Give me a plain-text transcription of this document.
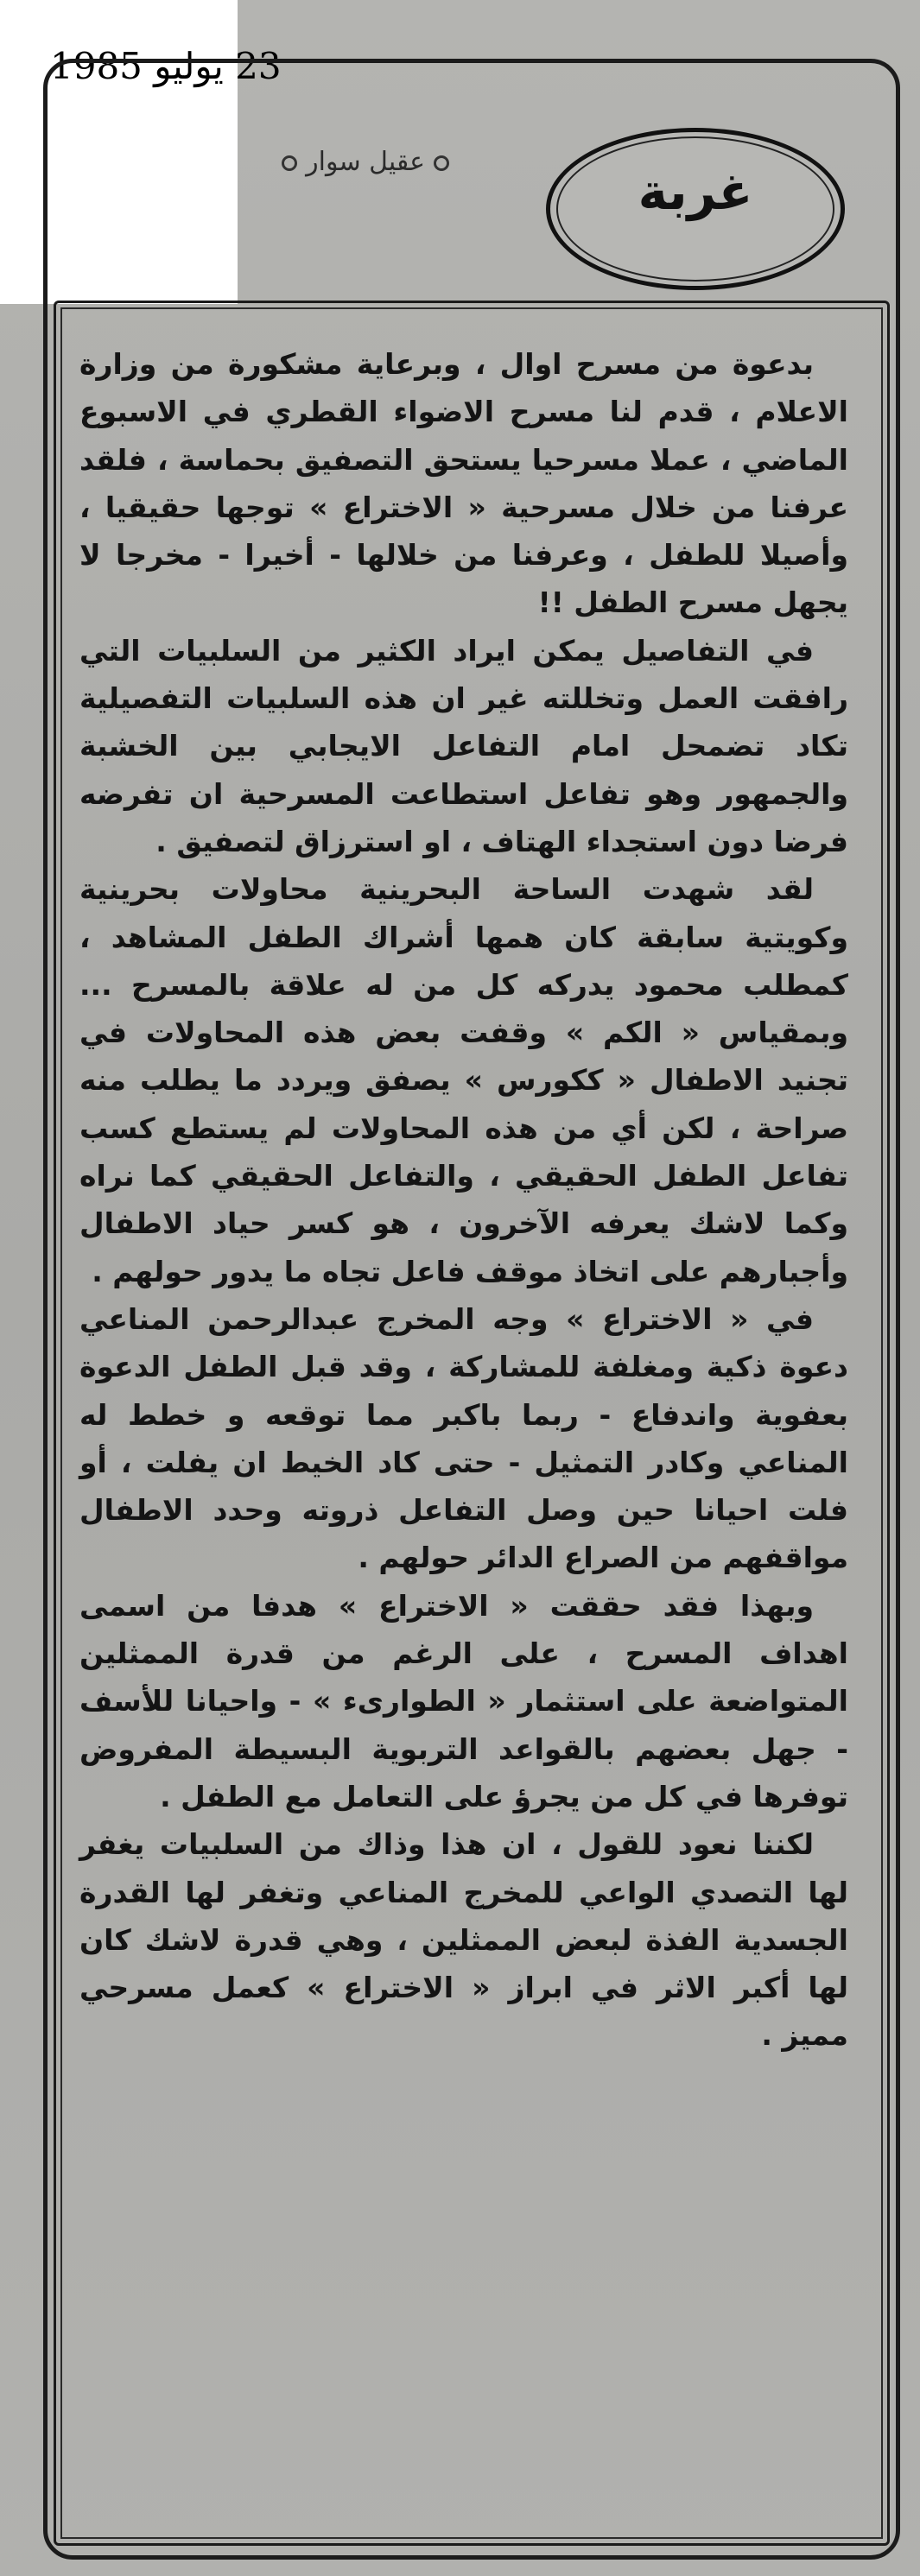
23 يوليو 1985
غربة
عقيل سوار

بدعوة من مسرح اوال ، وبرعاية مشكورة من وزارة الاعلام ، قدم لنا مسرح الاضواء القطري في الاسبوع الماضي ، عملا مسرحيا يستحق التصفيق بحماسة ، فلقد عرفنا من خلال مسرحية « الاختراع » توجها حقيقيا ، وأصيلا للطفل ، وعرفنا من خلالها - أخيرا - مخرجا لا يجهل مسرح الطفل !!

في التفاصيل يمكن ايراد الكثير من السلبيات التي رافقت العمل وتخللته غير ان هذه السلبيات التفصيلية تكاد تضمحل امام التفاعل الايجابي بين الخشبة والجمهور وهو تفاعل استطاعت المسرحية ان تفرضه فرضا دون استجداء الهتاف ، او استرزاق لتصفيق .

لقد شهدت الساحة البحرينية محاولات بحرينية وكويتية سابقة كان همها أشراك الطفل المشاهد ، كمطلب محمود يدركه كل من له علاقة بالمسرح ... وبمقياس « الكم » وقفت بعض هذه المحاولات في تجنيد الاطفال « ككورس » يصفق ويردد ما يطلب منه صراحة ، لكن أي من هذه المحاولات لم يستطع كسب تفاعل الطفل الحقيقي ، والتفاعل الحقيقي كما نراه وكما لاشك يعرفه الآخرون ، هو كسر حياد الاطفال وأجبارهم على اتخاذ موقف فاعل تجاه ما يدور حولهم .

في « الاختراع » وجه المخرج عبدالرحمن المناعي دعوة ذكية ومغلفة للمشاركة ، وقد قبل الطفل الدعوة بعفوية واندفاع - ربما باكبر مما توقعه و خطط له المناعي وكادر التمثيل - حتى كاد الخيط ان يفلت ، أو فلت احيانا حين وصل التفاعل ذروته وحدد الاطفال مواقفهم من الصراع الدائر حولهم .

وبهذا فقد حققت « الاختراع » هدفا من اسمى اهداف المسرح ، على الرغم من قدرة الممثلين المتواضعة على استثمار « الطوارىء » - واحيانا للأسف - جهل بعضهم بالقواعد التربوية البسيطة المفروض توفرها في كل من يجرؤ على التعامل مع الطفل .

لكننا نعود للقول ، ان هذا وذاك من السلبيات يغفر لها التصدي الواعي للمخرج المناعي وتغفر لها القدرة الجسدية الفذة لبعض الممثلين ، وهي قدرة لاشك كان لها أكبر الاثر في ابراز « الاختراع » كعمل مسرحي مميز .
